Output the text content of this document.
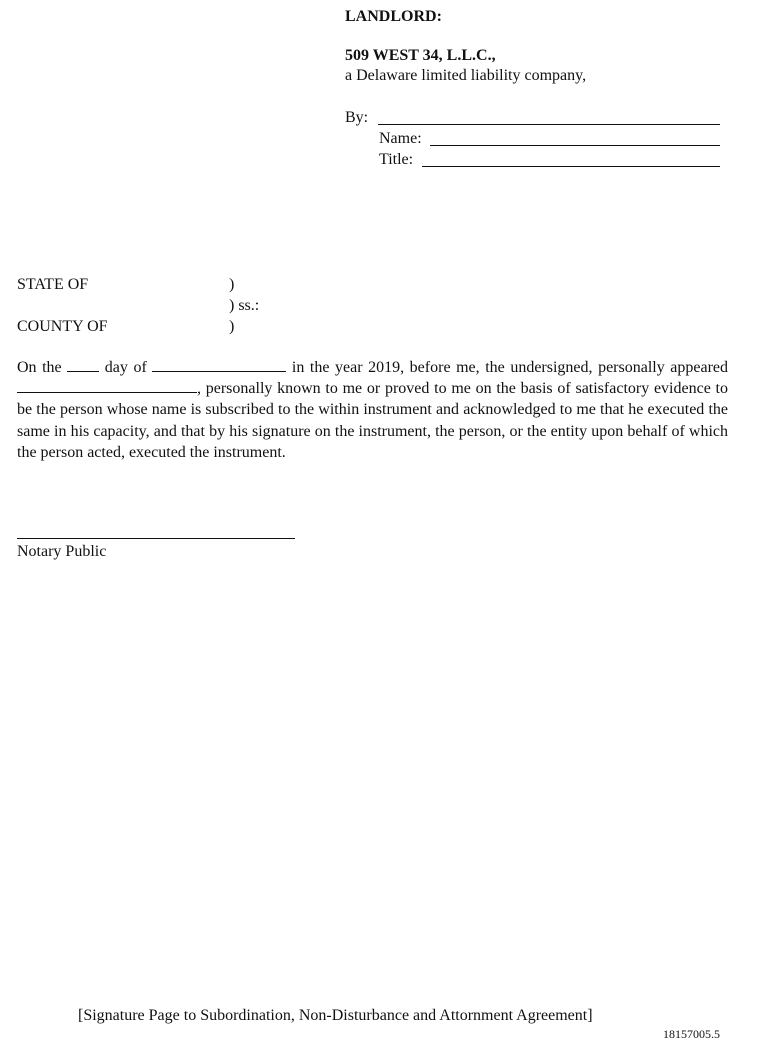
LANDLORD:
509 WEST 34, L.L.C.,
a Delaware limited liability company,
By:
Name:
Title:
STATE OF	)
) ss.:
COUNTY OF	)
On the	day of	in the year 2019, before me, the undersigned, personally appeared , personally known to me or proved to me on the basis of satisfactory evidence to be the person whose name is subscribed to the within instrument and acknowledged to me that he executed the same in his capacity, and that by his signature on the instrument, the person, or the entity upon behalf of which the person acted, executed the instrument.
Notary Public
[Signature Page to Subordination, Non-Disturbance and Attornment Agreement]
18157005.5
